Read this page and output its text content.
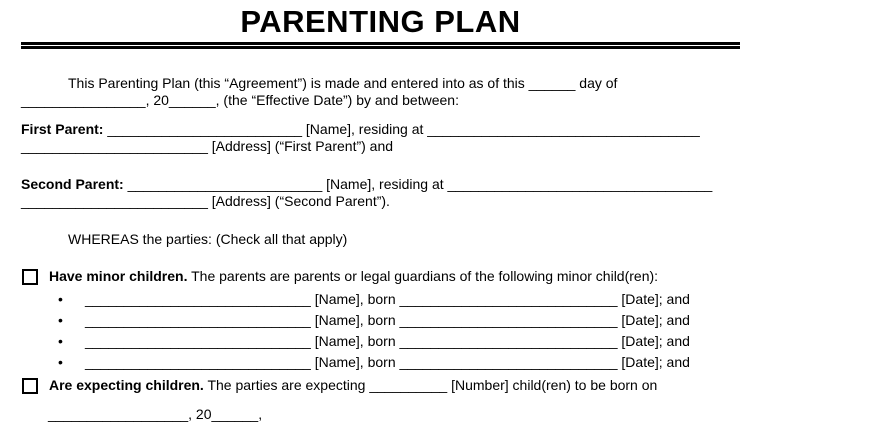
PARENTING PLAN
This Parenting Plan (this “Agreement”) is made and entered into as of this ______ day of
________________, 20______, (the “Effective Date”) by and between:
First Parent: _________________________ [Name], residing at ___________________________________
________________________ [Address] (“First Parent”) and
Second Parent: _________________________ [Name], residing at __________________________________
________________________ [Address] (“Second Parent”).
WHEREAS the parties: (Check all that apply)
Have minor children. The parents are parents or legal guardians of the following minor child(ren):
•	_____________________________ [Name], born ____________________________ [Date]; and
•	_____________________________ [Name], born ____________________________ [Date]; and
•	_____________________________ [Name], born ____________________________ [Date]; and
•	_____________________________ [Name], born ____________________________ [Date]; and
Are expecting children. The parties are expecting __________ [Number] child(ren) to be born on
__________________, 20______,
